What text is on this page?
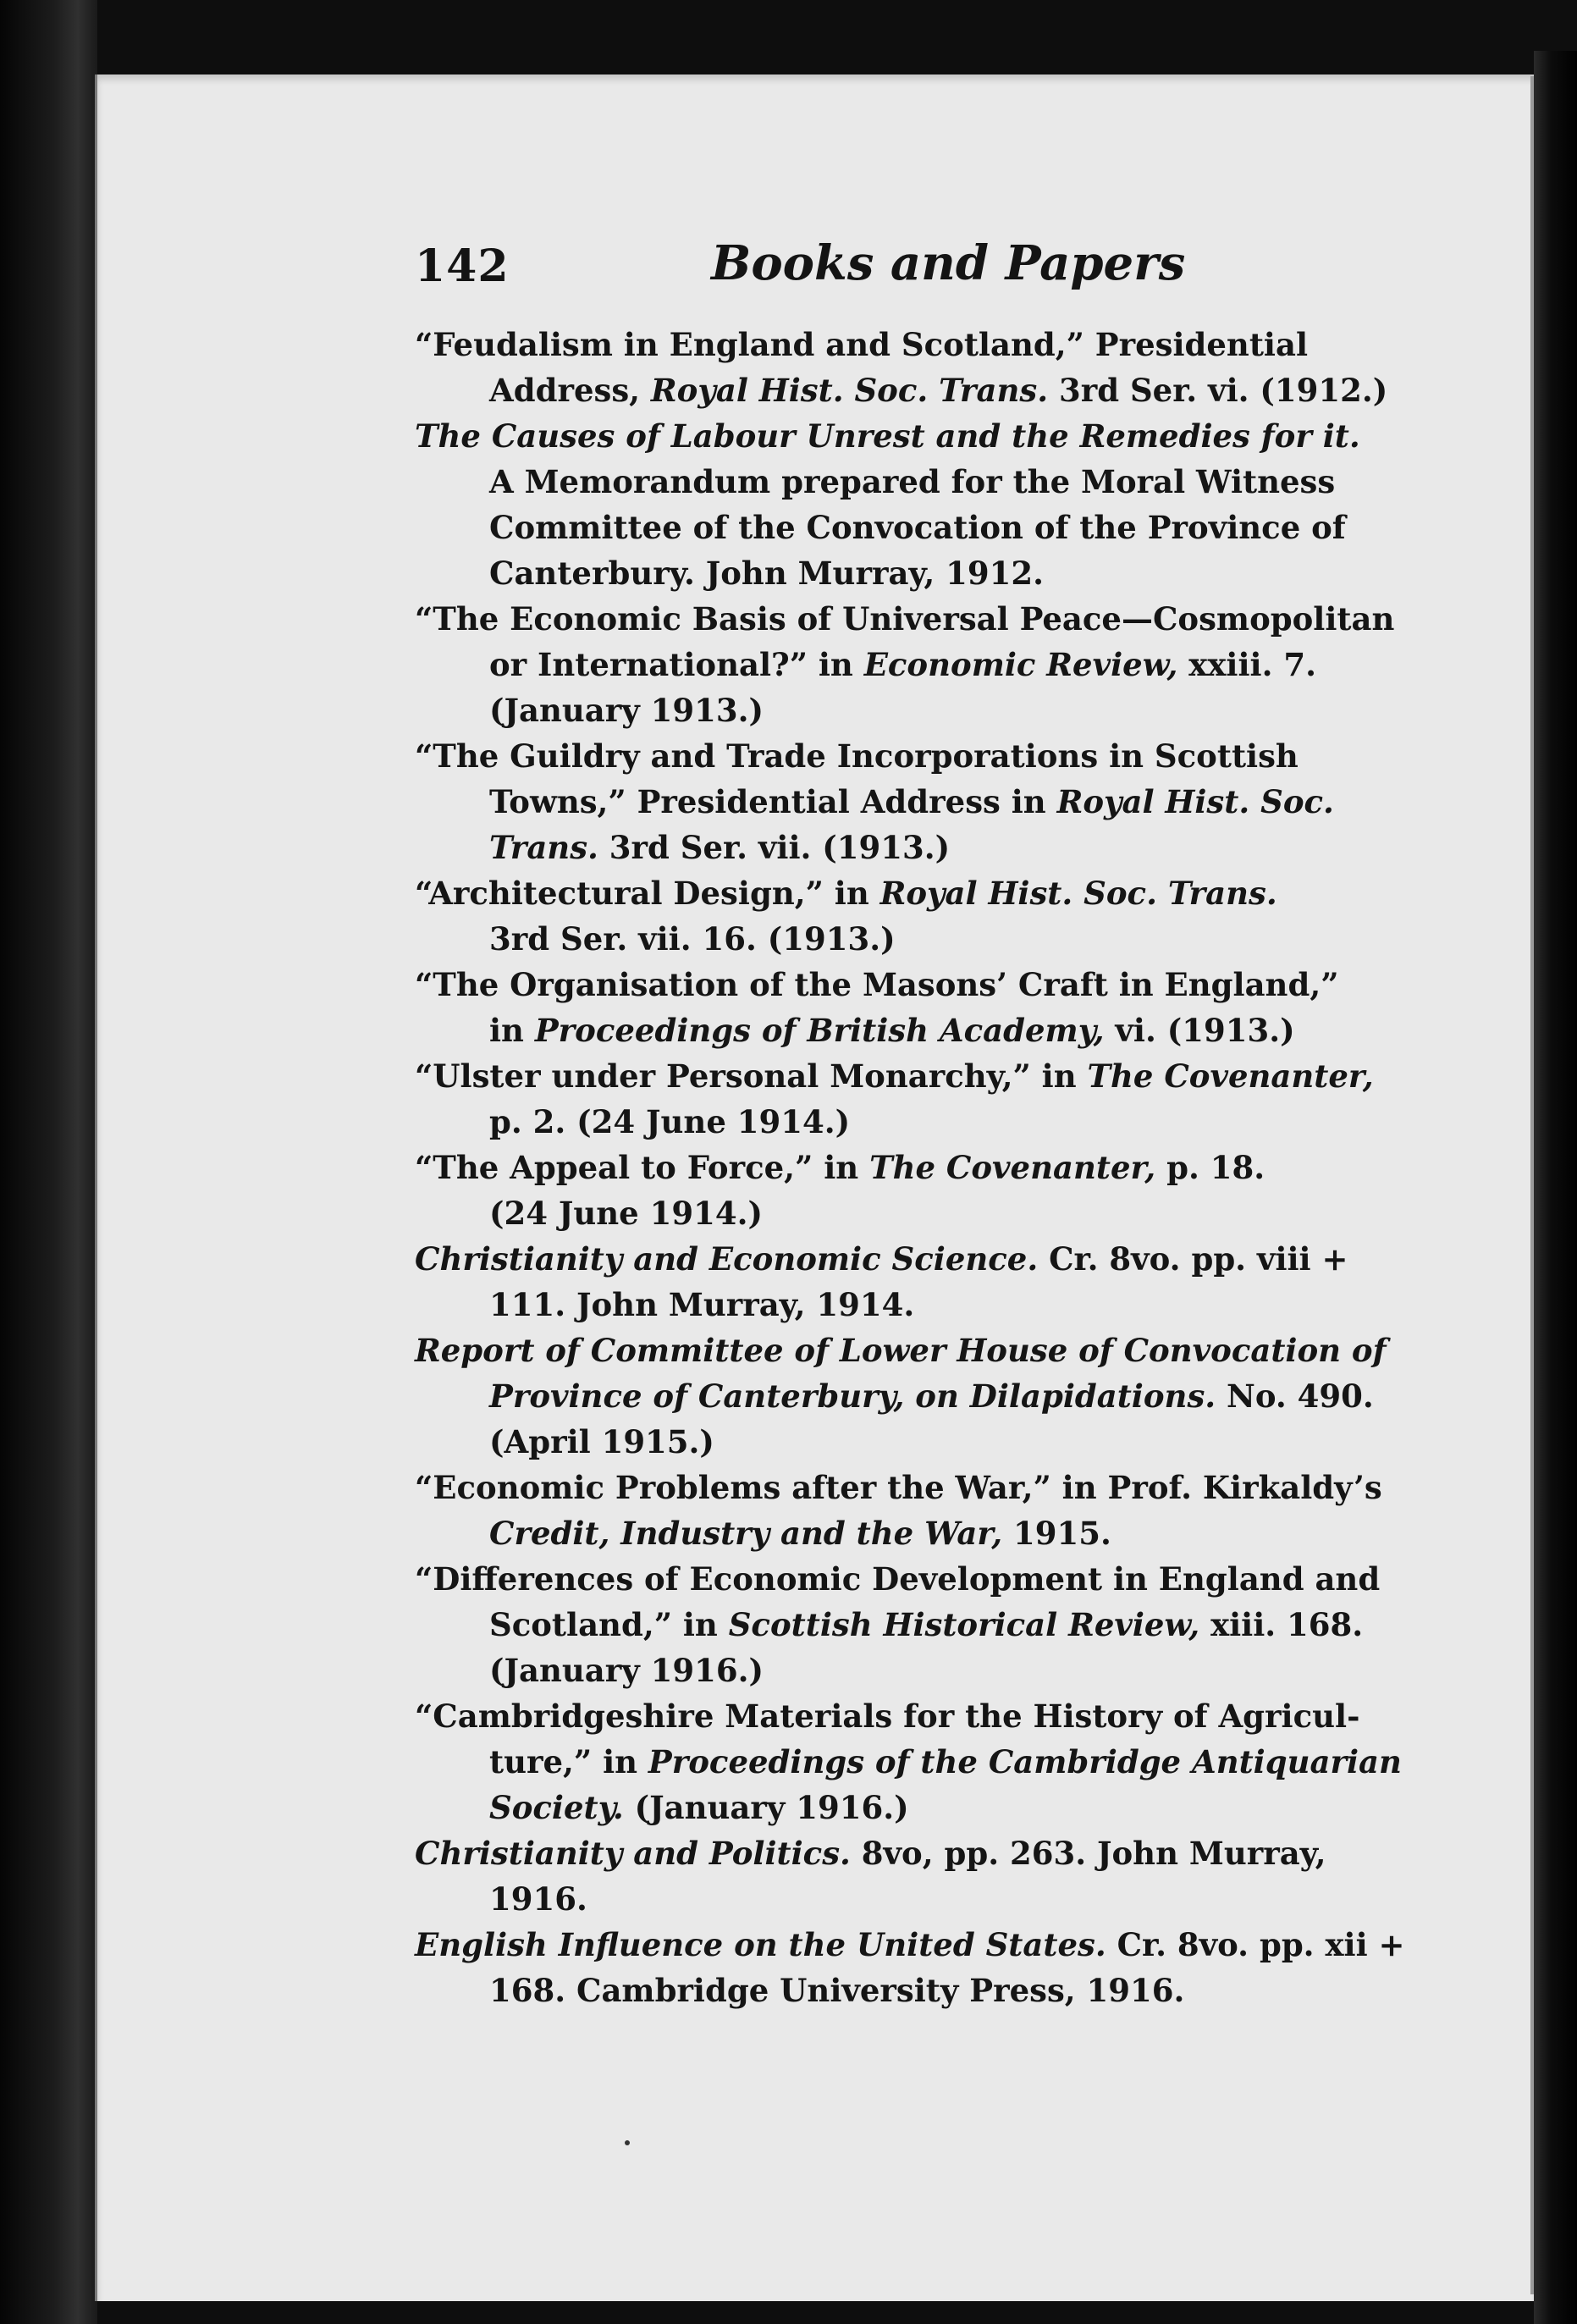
142	Books and Papers
“Feudalism in England and Scotland,” Presidential
Address, Royal Hist. Soc. Trans. 3rd Ser. vi. (1912.)
The Causes of Labour Unrest and the Remedies for it.
A Memorandum prepared for the Moral Witness
Committee of the Convocation of the Province of
Canterbury. John Murray, 1912.
“The Economic Basis of Universal Peace—Cosmopolitan
or International?” in Economic Review, xxiii. 7.
(January 1913.)
“The Guildry and Trade Incorporations in Scottish
Towns,” Presidential Address in Royal Hist. Soc.
Trans. 3rd Ser. vii. (1913.)
“Architectural Design,” in Royal Hist. Soc. Trans.
3rd Ser. vii. 16. (1913.)
“The Organisation of the Masons’ Craft in England,”
in Proceedings of British Academy, vi. (1913.)
“Ulster under Personal Monarchy,” in The Covenanter,
p. 2. (24 June 1914.)
“The Appeal to Force,” in The Covenanter, p. 18.
(24 June 1914.)
Christianity and Economic Science. Cr. 8vo. pp. viii +
111. John Murray, 1914.
Report of Committee of Lower House of Convocation of
Province of Canterbury, on Dilapidations. No. 490.
(April 1915.)
“Economic Problems after the War,” in Prof. Kirkaldy’s
Credit, Industry and the War, 1915.
“Differences of Economic Development in England and
Scotland,” in Scottish Historical Review, xiii. 168.
(January 1916.)
“Cambridgeshire Materials for the History of Agricul-
ture,” in Proceedings of the Cambridge Antiquarian
Society. (January 1916.)
Christianity and Politics. 8vo, pp. 263. John Murray,
1916.
English Influence on the United States. Cr. 8vo. pp. xii +
168. Cambridge University Press, 1916.
